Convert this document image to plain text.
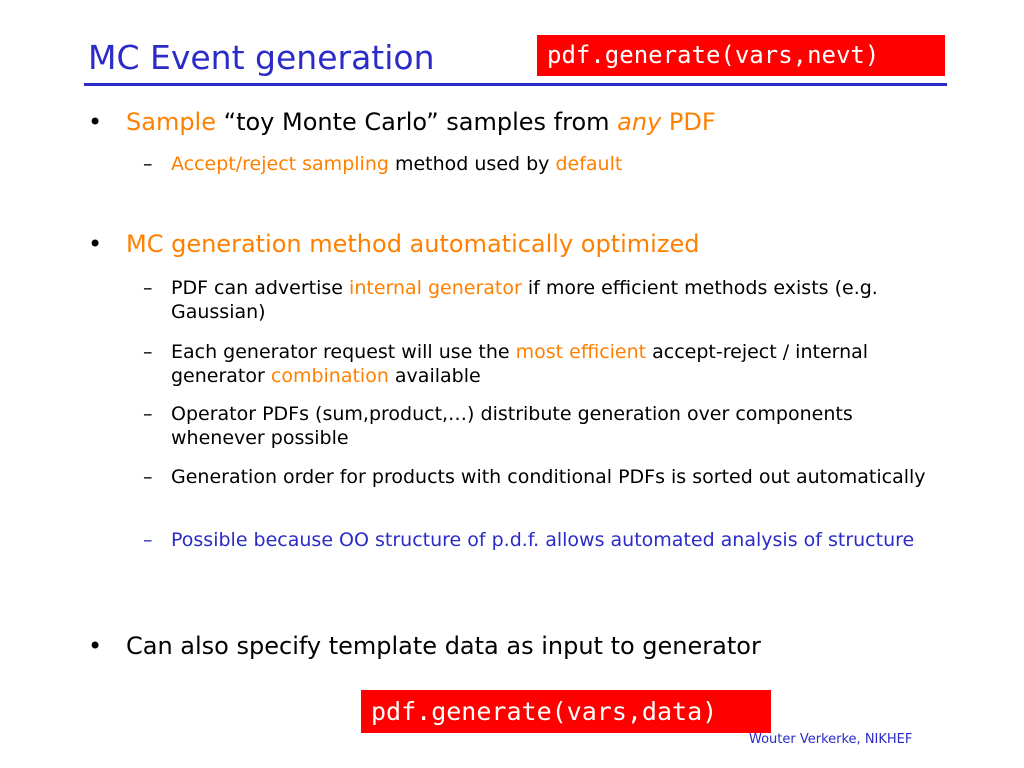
MC Event generation	pdf.generate(vars,nevt)
• Sample “toy Monte Carlo” samples from any PDF
– Accept/reject sampling method used by default
• MC generation method automatically optimized
– PDF can advertise internal generator if more efficient methods exists (e.g. Gaussian)
– Each generator request will use the most efficient accept-reject / internal generator combination available
– Operator PDFs (sum,product,…) distribute generation over components whenever possible
– Generation order for products with conditional PDFs is sorted out automatically
– Possible because OO structure of p.d.f. allows automated analysis of structure
• Can also specify template data as input to generator
pdf.generate(vars,data)
Wouter Verkerke, NIKHEF
